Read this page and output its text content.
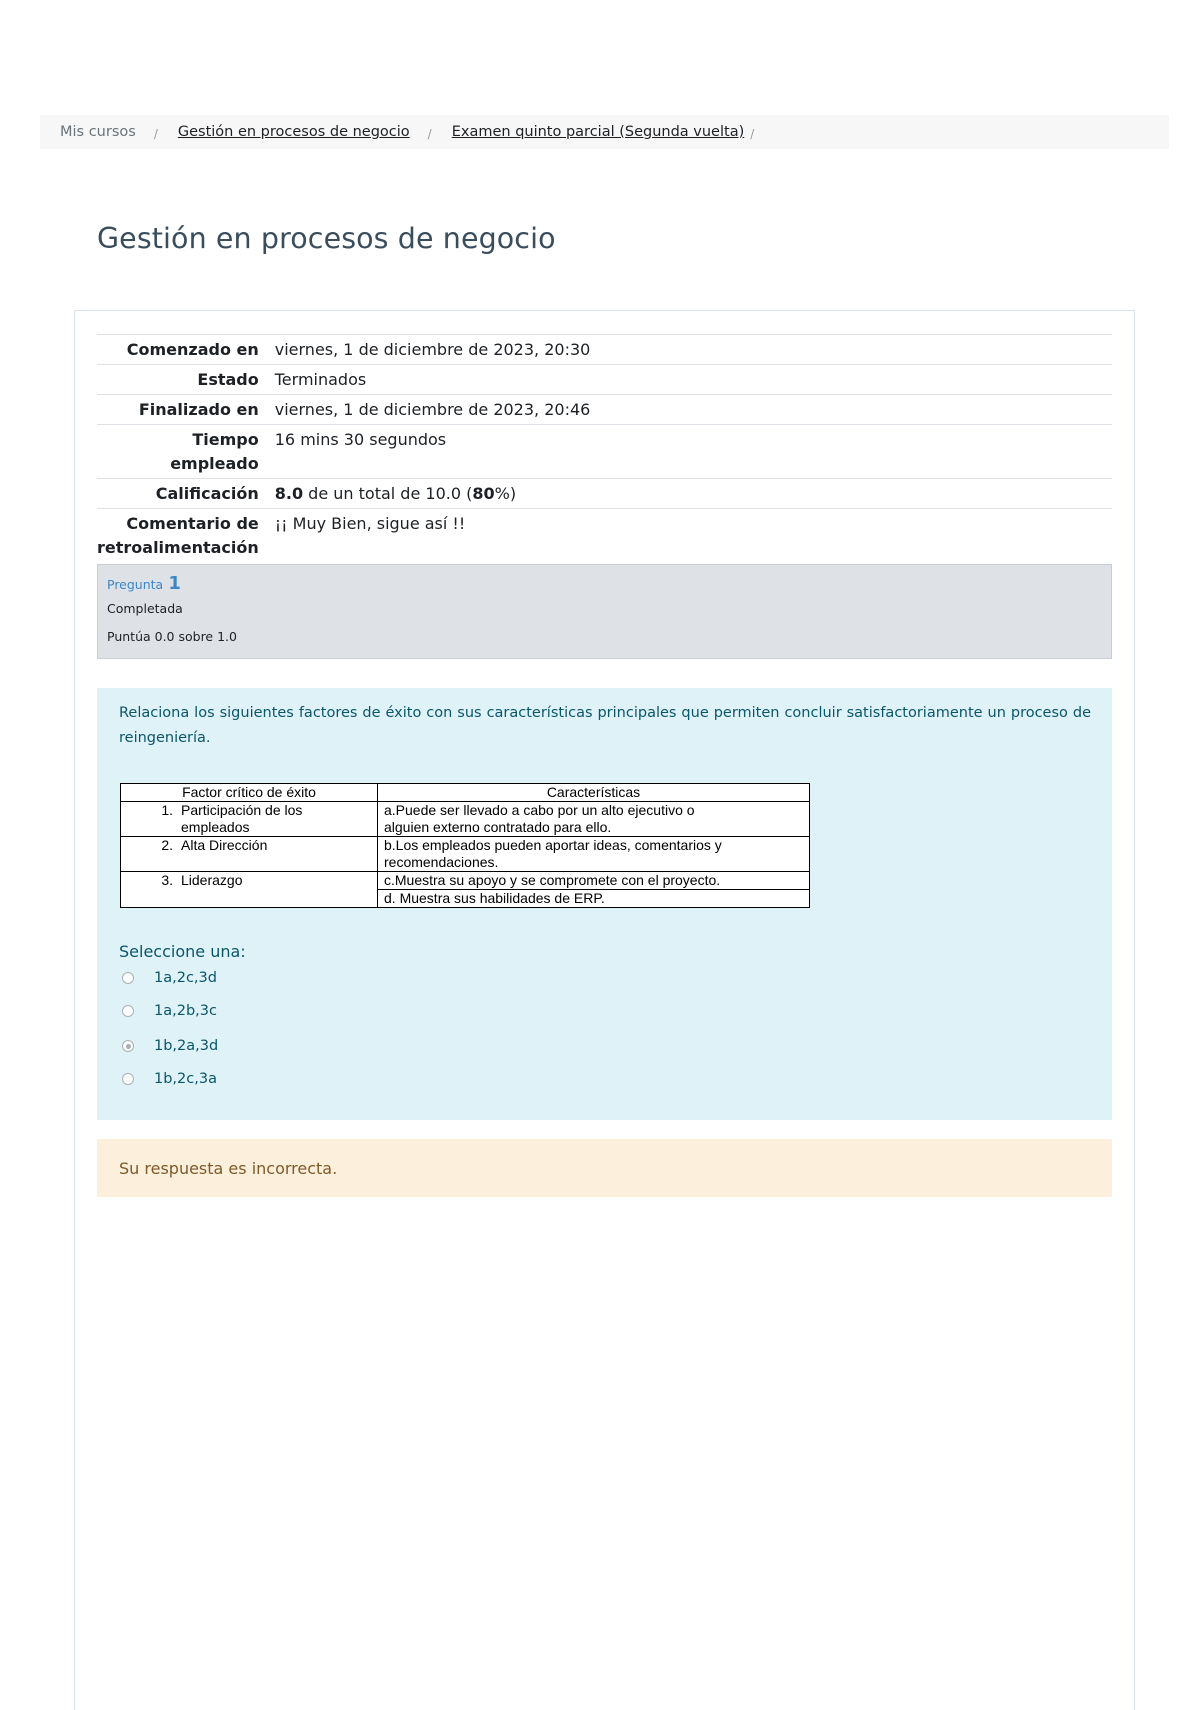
Mis cursos	/	Gestión en procesos de negocio	/	Examen quinto parcial (Segunda vuelta) /
Gestión en procesos de negocio
Comenzado en	viernes, 1 de diciembre de 2023, 20:30
Estado	Terminados
Finalizado en	viernes, 1 de diciembre de 2023, 20:46
Tiempo
empleado	16 mins 30 segundos
Calificación	8.0 de un total de 10.0 (80%)
Comentario de
retroalimentación	¡¡ Muy Bien, sigue así !!
Pregunta 1
Completada
Puntúa 0.0 sobre 1.0

Relaciona los siguientes factores de éxito con sus características principales que permiten concluir satisfactoriamente un proceso de reingeniería.

Factor crítico de éxito	Características
1. Participación de los
empleados	a.Puede ser llevado a cabo por un alto ejecutivo o
alguien externo contratado para ello.
2. Alta Dirección	b.Los empleados pueden aportar ideas, comentarios y
recomendaciones.
3. Liderazgo	c.Muestra su apoyo y se compromete con el proyecto.
	d. Muestra sus habilidades de ERP.

Seleccione una:

1a,2c,3d
1a,2b,3c
1b,2a,3d
1b,2c,3a
Su respuesta es incorrecta.
